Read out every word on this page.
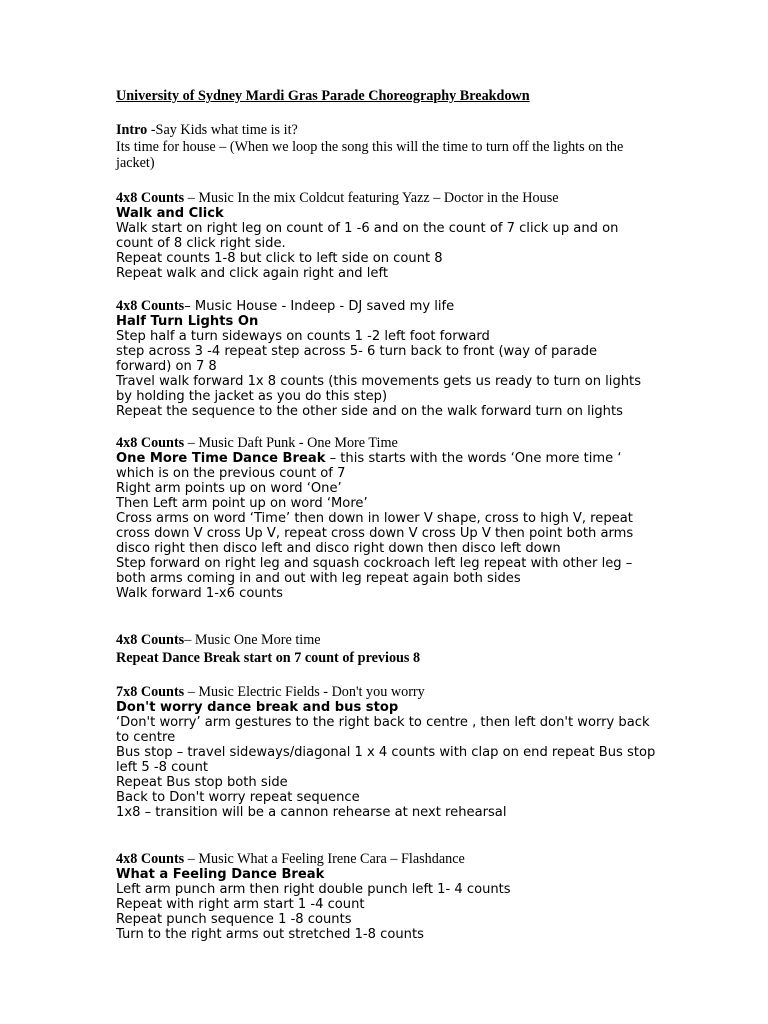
University of Sydney Mardi Gras Parade Choreography Breakdown
Intro -Say Kids what time is it?
Its time for house – (When we loop the song this will the time to turn off the lights on the jacket)
4x8 Counts – Music In the mix Coldcut featuring Yazz – Doctor in the House
Walk and Click
Walk start on right leg on count of 1 -6 and on the count of 7 click up and on count of 8 click right side.
Repeat counts 1-8 but click to left side on count 8
Repeat walk and click again right and left
4x8 Counts– Music House - Indeep - DJ saved my life
Half Turn Lights On
Step half a turn sideways on counts 1 -2 left foot forward
step across 3 -4 repeat step across 5- 6 turn back to front (way of parade forward) on 7 8
Travel walk forward 1x 8 counts (this movements gets us ready to turn on lights by holding the jacket as you do this step)
Repeat the sequence to the other side and on the walk forward turn on lights
4x8 Counts – Music Daft Punk - One More Time
One More Time Dance Break – this starts with the words ‘One more time ‘ which is on the previous count of 7
Right arm points up on word ‘One’
Then Left arm point up on word ‘More’
Cross arms on word ‘Time’ then down in lower V shape, cross to high V, repeat cross down V cross Up V, repeat cross down V cross Up V then point both arms disco right then disco left and disco right down then disco left down
Step forward on right leg and squash cockroach left leg repeat with other leg – both arms coming in and out with leg repeat again both sides
Walk forward 1-x6 counts
4x8 Counts– Music One More time
Repeat Dance Break start on 7 count of previous 8
7x8 Counts – Music Electric Fields - Don't you worry
Don't worry dance break and bus stop
‘Don't worry’ arm gestures to the right back to centre , then left don't worry back to centre
Bus stop – travel sideways/diagonal 1 x 4 counts with clap on end repeat Bus stop left 5 -8 count
Repeat Bus stop both side
Back to Don't worry repeat sequence
1x8 – transition will be a cannon rehearse at next rehearsal
4x8 Counts – Music What a Feeling Irene Cara – Flashdance
What a Feeling Dance Break
Left arm punch arm then right double punch left 1- 4 counts
Repeat with right arm start 1 -4 count
Repeat punch sequence 1 -8 counts
Turn to the right arms out stretched 1-8 counts
